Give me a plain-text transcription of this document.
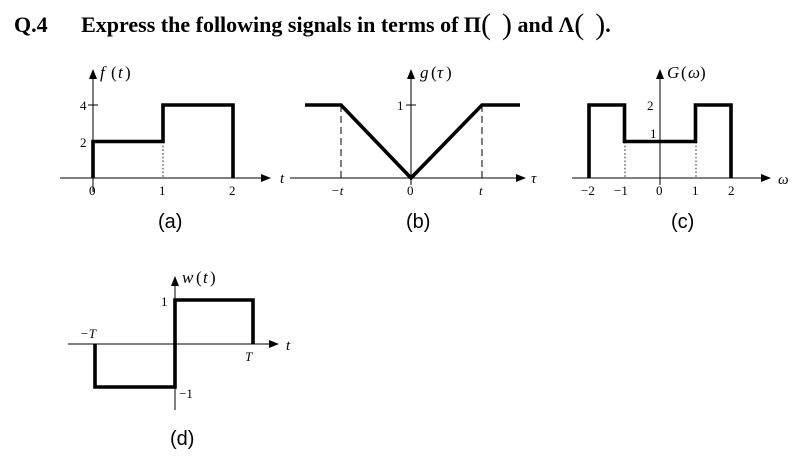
Q.4 Express the following signals in terms of Π( ) and Λ( ).
f ( t )
t
4
2
0	1	2
(a)
g ( τ )
τ
1
−t	0	t
(b)
G ( ω )
ω
2
1
−2 −1 0 1 2
(c)
w ( t )
t
1
−1
−T
T
(d)
